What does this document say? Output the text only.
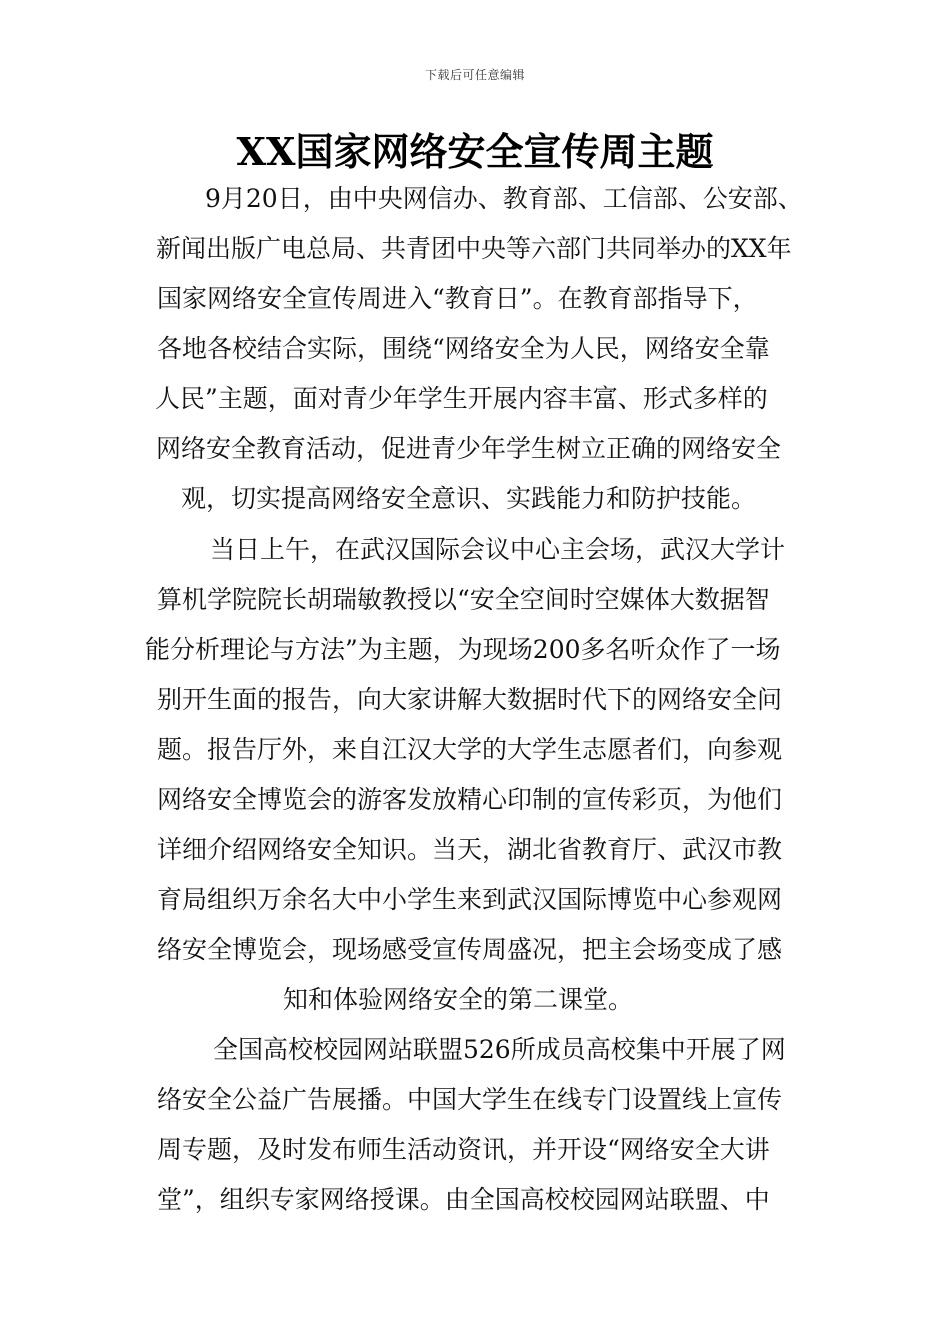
下载后可任意编辑
XX国家网络安全宣传周主题
9月20日，由中央网信办、教育部、工信部、公安部、
新闻出版广电总局、共青团中央等六部门共同举办的XX年
国家网络安全宣传周进入“教育日”。在教育部指导下，
各地各校结合实际，围绕“网络安全为人民，网络安全靠
人民”主题，面对青少年学生开展内容丰富、形式多样的
网络安全教育活动，促进青少年学生树立正确的网络安全
观，切实提高网络安全意识、实践能力和防护技能。
当日上午，在武汉国际会议中心主会场，武汉大学计
算机学院院长胡瑞敏教授以“安全空间时空媒体大数据智
能分析理论与方法”为主题，为现场200多名听众作了一场
别开生面的报告，向大家讲解大数据时代下的网络安全问
题。报告厅外，来自江汉大学的大学生志愿者们，向参观
网络安全博览会的游客发放精心印制的宣传彩页，为他们
详细介绍网络安全知识。当天，湖北省教育厅、武汉市教
育局组织万余名大中小学生来到武汉国际博览中心参观网
络安全博览会，现场感受宣传周盛况，把主会场变成了感
知和体验网络安全的第二课堂。
全国高校校园网站联盟526所成员高校集中开展了网
络安全公益广告展播。中国大学生在线专门设置线上宣传
周专题，及时发布师生活动资讯，并开设“网络安全大讲
堂”，组织专家网络授课。由全国高校校园网站联盟、中
